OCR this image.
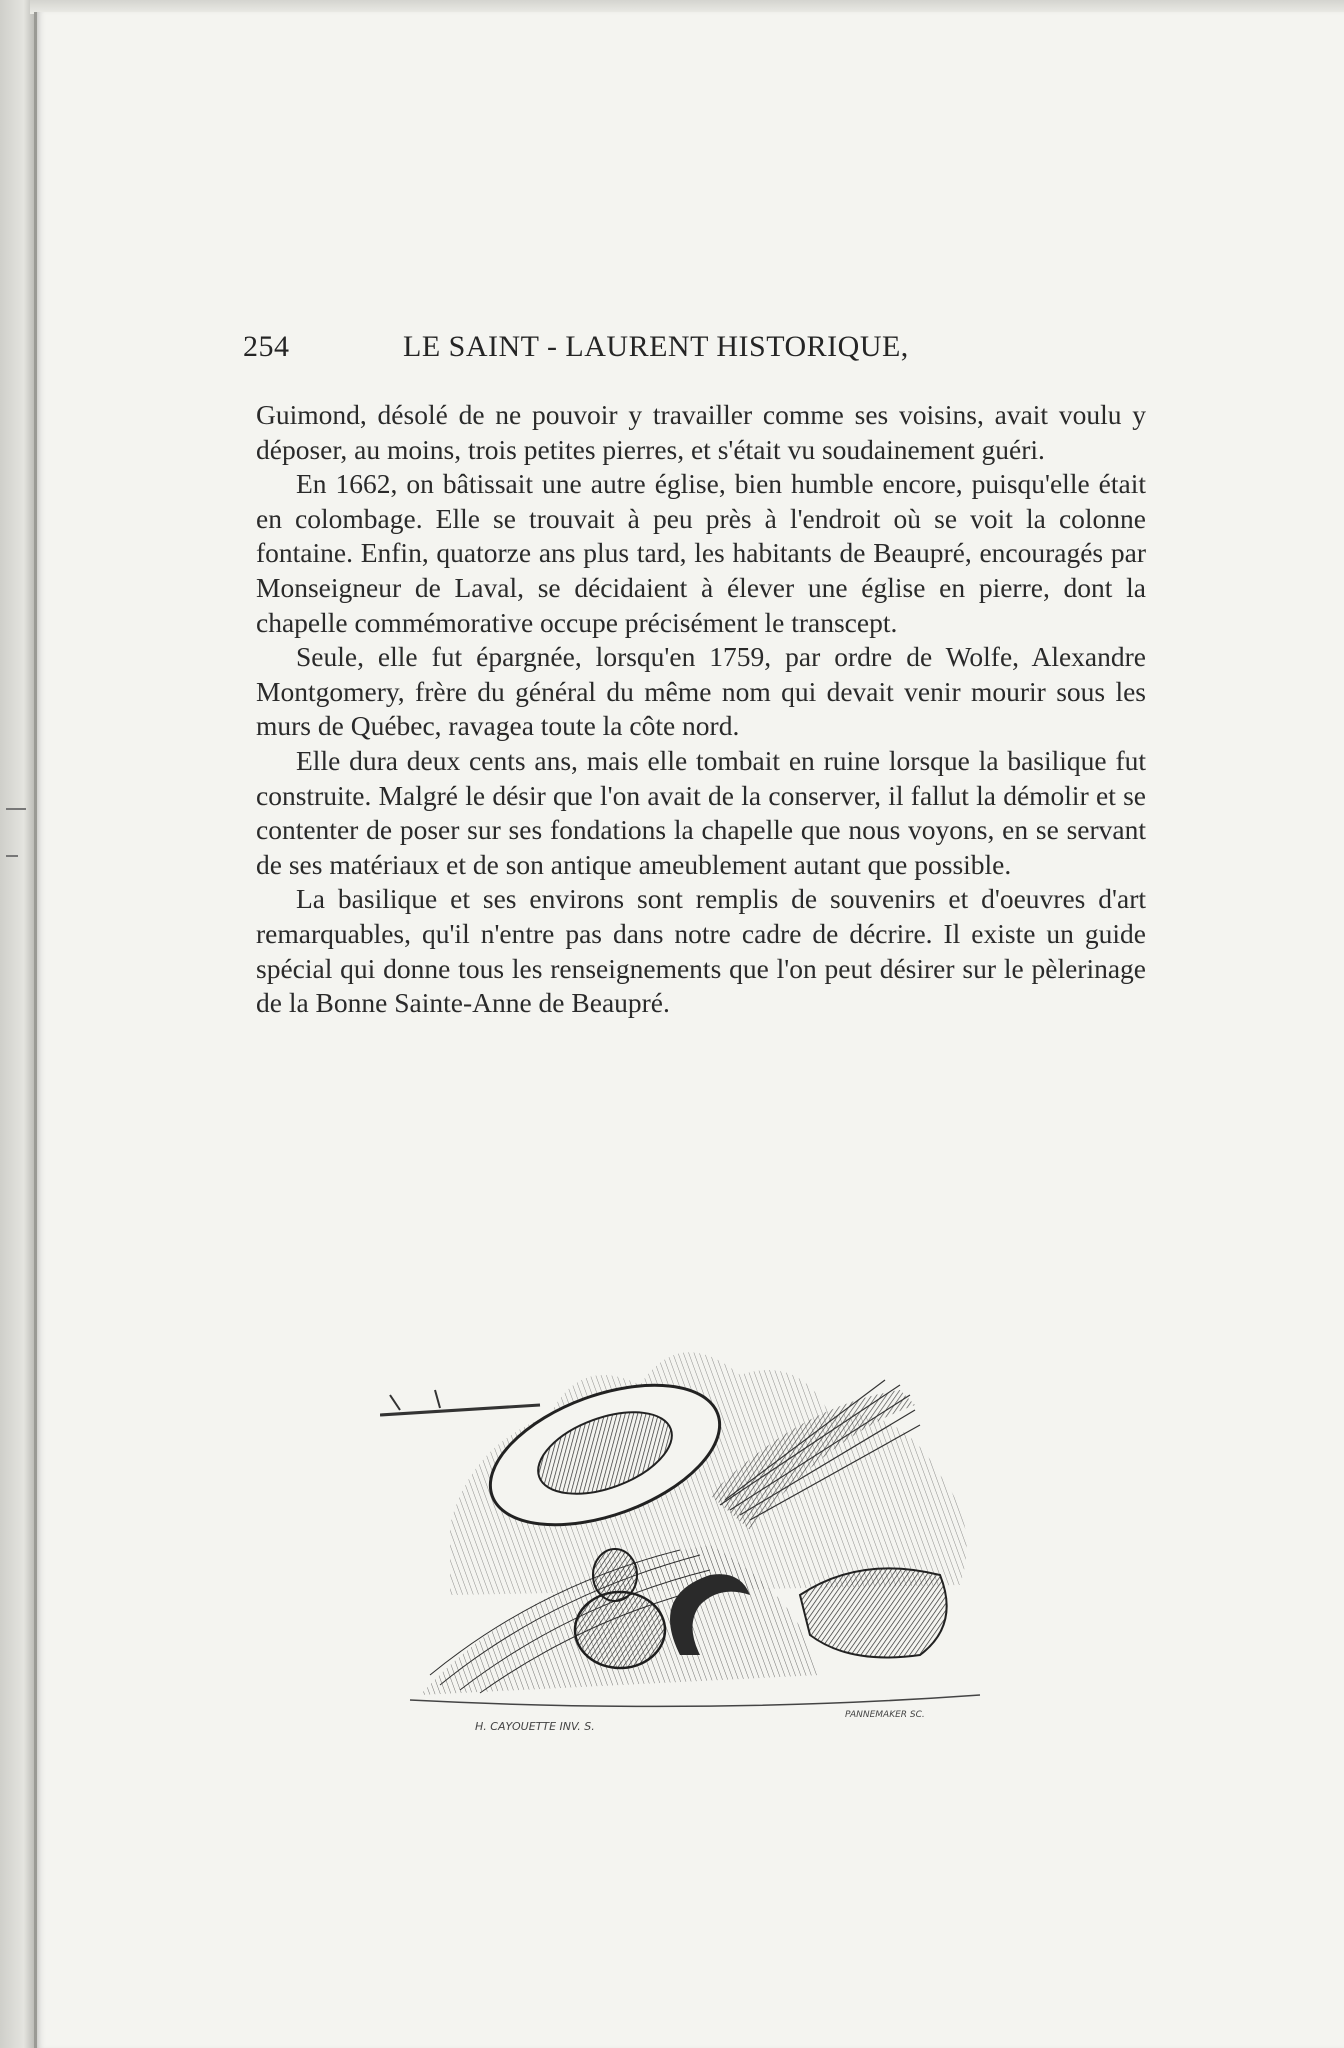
254	LE SAINT - LAURENT HISTORIQUE,

Guimond, désolé de ne pouvoir y travailler comme ses voisins, avait voulu y déposer, au moins, trois petites pierres, et s'était vu soudainement guéri.

En 1662, on bâtissait une autre église, bien humble encore, puisqu'elle était en colombage. Elle se trouvait à peu près à l'endroit où se voit la colonne fontaine. Enfin, quatorze ans plus tard, les habitants de Beaupré, encouragés par Monseigneur de Laval, se décidaient à élever une église en pierre, dont la chapelle commémorative occupe précisément le transcept.

Seule, elle fut épargnée, lorsqu'en 1759, par ordre de Wolfe, Alexandre Montgomery, frère du général du même nom qui devait venir mourir sous les murs de Québec, ravagea toute la côte nord.

Elle dura deux cents ans, mais elle tombait en ruine lorsque la basilique fut construite. Malgré le désir que l'on avait de la conserver, il fallut la démolir et se contenter de poser sur ses fondations la chapelle que nous voyons, en se servant de ses matériaux et de son antique ameublement autant que possible.

La basilique et ses environs sont remplis de souvenirs et d'oeuvres d'art remarquables, qu'il n'entre pas dans notre cadre de décrire. Il existe un guide spécial qui donne tous les renseignements que l'on peut désirer sur le pèlerinage de la Bonne Sainte-Anne de Beaupré.

H. CAYOUETTE INV. S.
PANNEMAKER SC.
